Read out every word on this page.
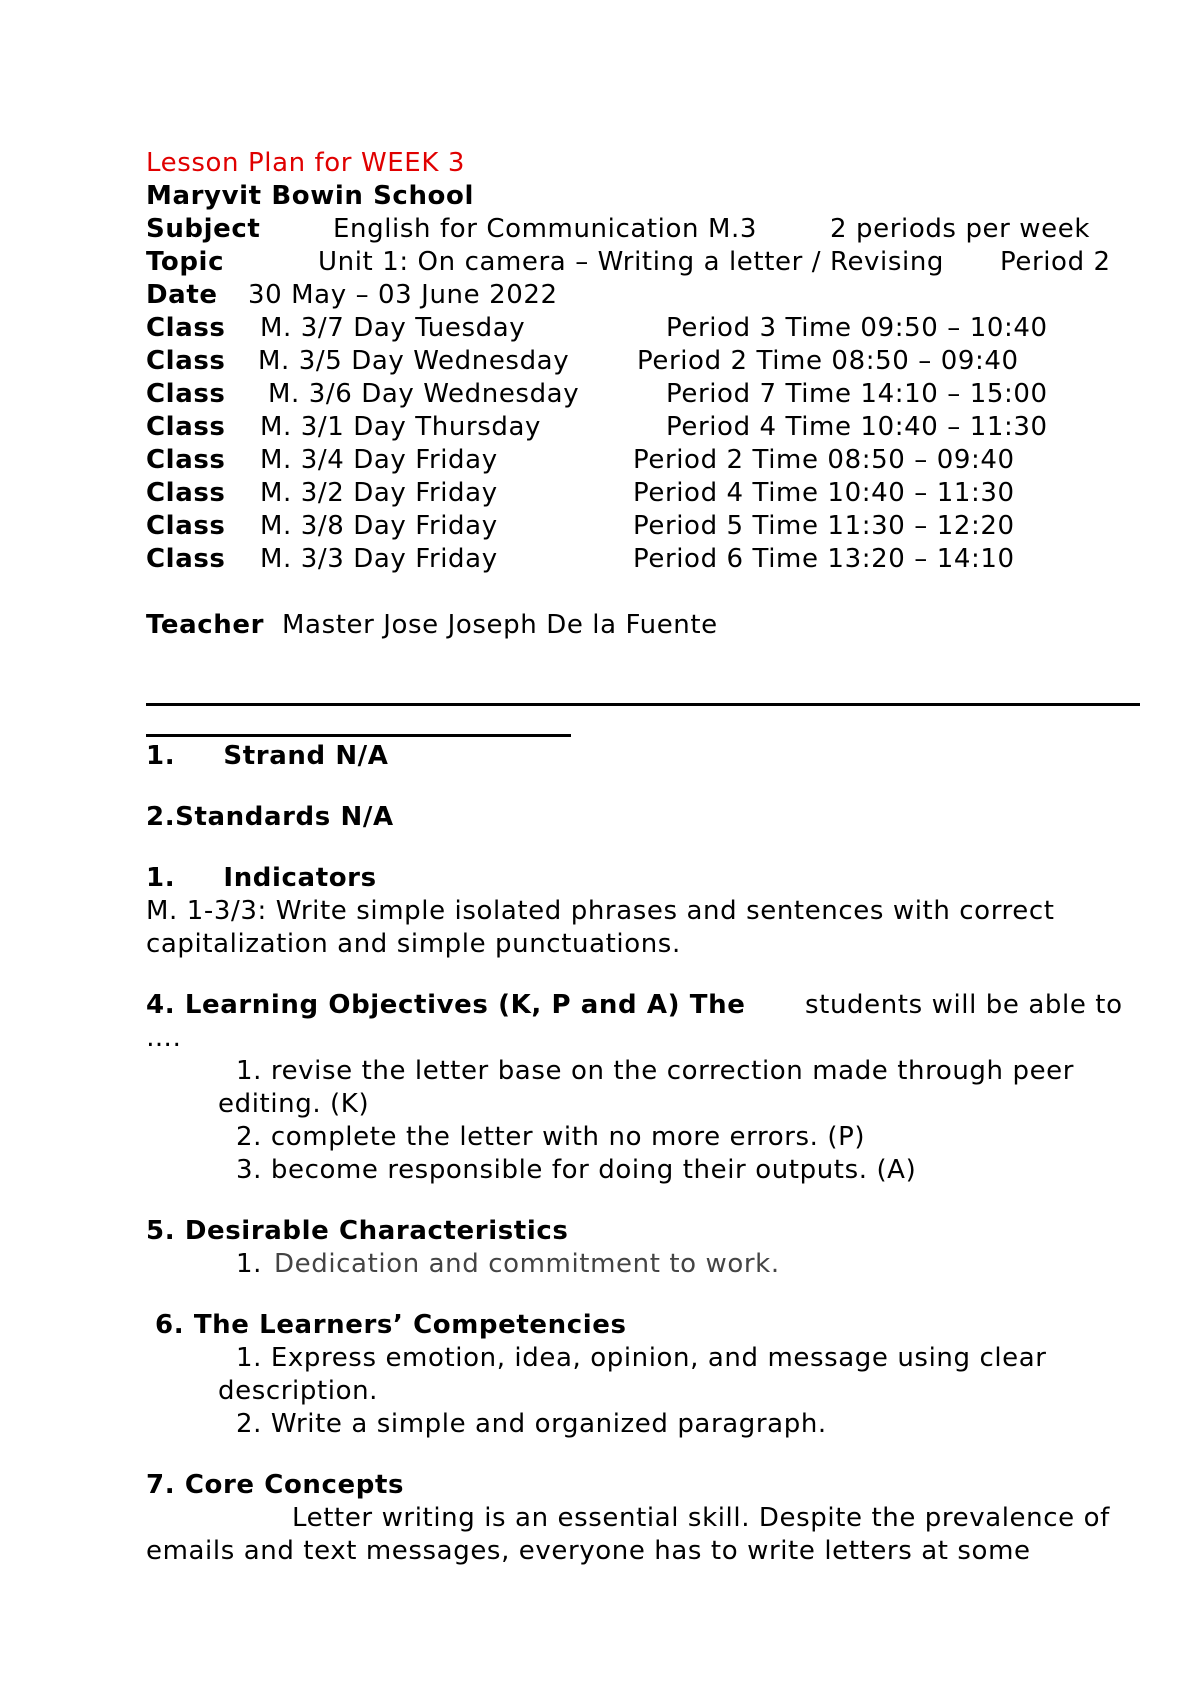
Lesson Plan for WEEK 3
Maryvit Bowin School
Subject	English for Communication M.3	2 periods per week
Topic	Unit 1: On camera – Writing a letter / Revising Period 2
Date 30 May – 03 June 2022
Class M. 3/7 Day Tuesday	Period 3 Time 09:50 – 10:40
Class M. 3/5 Day Wednesday	Period 2 Time 08:50 – 09:40
Class M. 3/6 Day Wednesday	Period 7 Time 14:10 – 15:00
Class M. 3/1 Day Thursday	Period 4 Time 10:40 – 11:30
Class M. 3/4 Day Friday	Period 2 Time 08:50 – 09:40
Class M. 3/2 Day Friday	Period 4 Time 10:40 – 11:30
Class M. 3/8 Day Friday	Period 5 Time 11:30 – 12:20
Class M. 3/3 Day Friday	Period 6 Time 13:20 – 14:10
Teacher Master Jose Joseph De la Fuente
1.     Strand N/A
2.Standards N/A
1.     Indicators
M. 1-3/3: Write simple isolated phrases and sentences with correct
capitalization and simple punctuations.
4. Learning Objectives (K, P and A) The students will be able to
….
1. revise the letter base on the correction made through peer
editing. (K)
2. complete the letter with no more errors. (P)
3. become responsible for doing their outputs. (A)
5. Desirable Characteristics
1. Dedication and commitment to work.
6. The Learners’ Competencies
1. Express emotion, idea, opinion, and message using clear
description.
2. Write a simple and organized paragraph.
7. Core Concepts
Letter writing is an essential skill. Despite the prevalence of
emails and text messages, everyone has to write letters at some
